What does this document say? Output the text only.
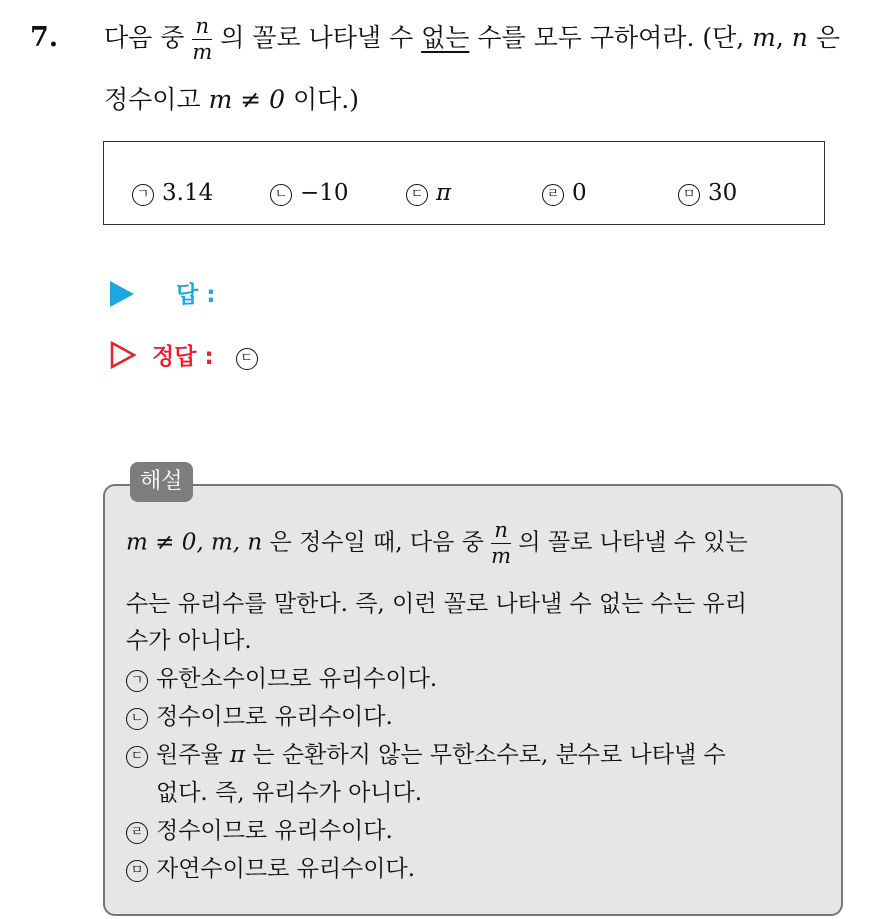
7. 다음 중 $\frac{n}{m}$ 의 꼴로 나타낼 수 없는 수를 모두 구하여라. (단, m, n 은
정수이고 m ≠ 0 이다.)
ㄱ 3.14	ㄴ −10	ㄷ π	ㄹ 0	ㅁ 30
답 :
정답 : ㄷ
해설
m ≠ 0, m, n 은 정수일 때, 다음 중 $\frac{n}{m}$ 의 꼴로 나타낼 수 있는
수는 유리수를 말한다. 즉, 이런 꼴로 나타낼 수 없는 수는 유리
수가 아니다.
ㄱ 유한소수이므로 유리수이다.
ㄴ 정수이므로 유리수이다.
ㄷ 원주율 π 는 순환하지 않는 무한소수로, 분수로 나타낼 수
없다. 즉, 유리수가 아니다.
ㄹ 정수이므로 유리수이다.
ㅁ 자연수이므로 유리수이다.
